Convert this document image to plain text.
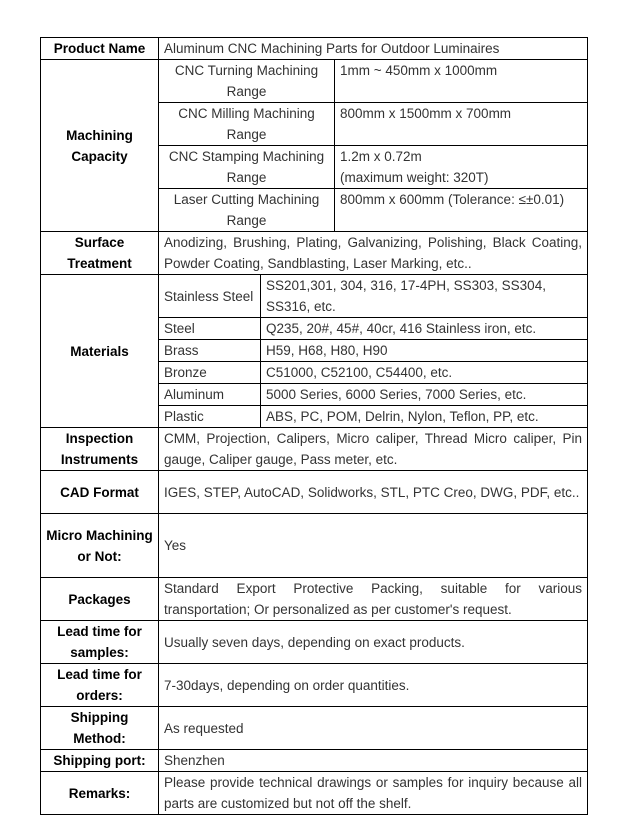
Product Name	Aluminum CNC Machining Parts for Outdoor Luminaires		
Machining Capacity	CNC Turning Machining Range		1mm ~ 450mm x 1000mm
	CNC Milling Machining Range		800mm x 1500mm x 700mm
	CNC Stamping Machining Range		1.2m x 0.72m
(maximum weight: 320T)

	Laser Cutting Machining Range		800mm x 600mm (Tolerance: ≤±0.01)
Surface Treatment	Anodizing, Brushing, Plating, Galvanizing, Polishing, Black Coating, Powder Coating, Sandblasting, Laser Marking, etc..		
Materials	Stainless Steel	SS201,301, 304, 316, 17-4PH, SS303, SS304, SS316, etc.	
	Steel	Q235, 20#, 45#, 40cr, 416 Stainless iron, etc.	
	Brass	H59, H68, H80, H90	
	Bronze	C51000, C52100, C54400, etc.	
	Aluminum	5000 Series, 6000 Series, 7000 Series, etc.	
	Plastic	ABS, PC, POM, Delrin, Nylon, Teflon, PP, etc.	
Inspection Instruments	CMM, Projection, Calipers, Micro caliper, Thread Micro caliper, Pin gauge, Caliper gauge, Pass meter, etc.		
CAD Format	IGES, STEP, AutoCAD, Solidworks, STL, PTC Creo, DWG, PDF, etc..		
Micro Machining or Not:	Yes		
Packages	Standard Export Protective Packing, suitable for various transportation; Or personalized as per customer's request.		
Lead time for samples:	Usually seven days, depending on exact products.		
Lead time for orders:	7-30days, depending on order quantities.		
Shipping Method:	As requested		
Shipping port:	Shenzhen		
Remarks:	Please provide technical drawings or samples for inquiry because all parts are customized but not off the shelf.		
